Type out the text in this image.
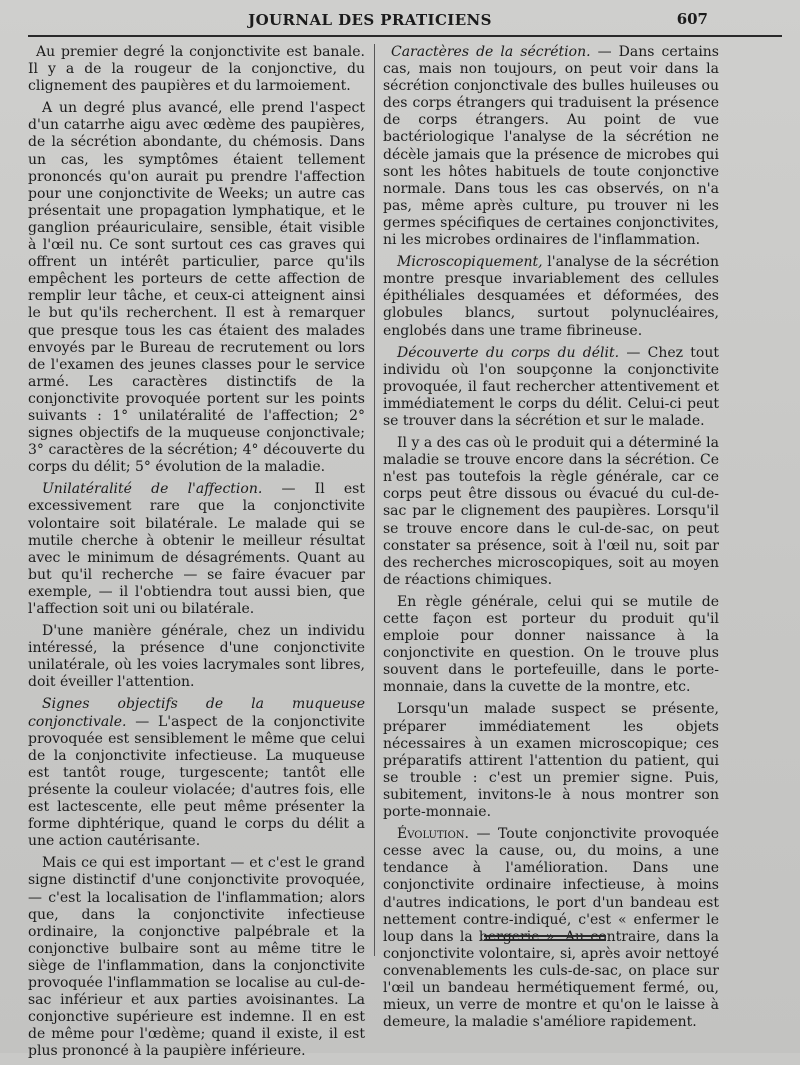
JOURNAL DES PRATICIENS	607

Au premier degré la conjonctivite est banale. Il y a de la rougeur de la conjonctive, du clignement des paupières et du larmoiement.

A un degré plus avancé, elle prend l'aspect d'un catarrhe aigu avec œdème des paupières, de la sécrétion abondante, du chémosis. Dans un cas, les symptômes étaient tellement prononcés qu'on aurait pu prendre l'affection pour une conjonctivite de Weeks; un autre cas présentait une propagation lymphatique, et le ganglion préauriculaire, sensible, était visible à l'œil nu. Ce sont surtout ces cas graves qui offrent un intérêt particulier, parce qu'ils empêchent les porteurs de cette affection de remplir leur tâche, et ceux-ci atteignent ainsi le but qu'ils recherchent. Il est à remarquer que presque tous les cas étaient des malades envoyés par le Bureau de recrutement ou lors de l'examen des jeunes classes pour le service armé. Les caractères distinctifs de la conjonctivite provoquée portent sur les points suivants : 1° unilatéralité de l'affection; 2° signes objectifs de la muqueuse conjonctivale; 3° caractères de la sécrétion; 4° découverte du corps du délit; 5° évolution de la maladie.

Unilatéralité de l'affection. — Il est excessivement rare que la conjonctivite volontaire soit bilatérale. Le malade qui se mutile cherche à obtenir le meilleur résultat avec le minimum de désagréments. Quant au but qu'il recherche — se faire évacuer par exemple, — il l'obtiendra tout aussi bien, que l'affection soit uni ou bilatérale.

D'une manière générale, chez un individu intéressé, la présence d'une conjonctivite unilatérale, où les voies lacrymales sont libres, doit éveiller l'attention.

Signes objectifs de la muqueuse conjonctivale. — L'aspect de la conjonctivite provoquée est sensiblement le même que celui de la conjonctivite infectieuse. La muqueuse est tantôt rouge, turgescente; tantôt elle présente la couleur violacée; d'autres fois, elle est lactescente, elle peut même présenter la forme diphtérique, quand le corps du délit a une action cautérisante.

Mais ce qui est important — et c'est le grand signe distinctif d'une conjonctivite provoquée, — c'est la localisation de l'inflammation; alors que, dans la conjonctivite infectieuse ordinaire, la conjonctive palpébrale et la conjonctive bulbaire sont au même titre le siège de l'inflammation, dans la conjonctivite provoquée l'inflammation se localise au cul-de-sac inférieur et aux parties avoisinantes. La conjonctive supérieure est indemne. Il en est de même pour l'œdème; quand il existe, il est plus prononcé à la paupière inférieure.

Caractères de la sécrétion. — Dans certains cas, mais non toujours, on peut voir dans la sécrétion conjonctivale des bulles huileuses ou des corps étrangers qui traduisent la présence de corps étrangers. Au point de vue bactériologique l'analyse de la sécrétion ne décèle jamais que la présence de microbes qui sont les hôtes habituels de toute conjonctive normale. Dans tous les cas observés, on n'a pas, même après culture, pu trouver ni les germes spécifiques de certaines conjonctivites, ni les microbes ordinaires de l'inflammation.

Microscopiquement, l'analyse de la sécrétion montre presque invariablement des cellules épithéliales desquamées et déformées, des globules blancs, surtout polynucléaires, englobés dans une trame fibrineuse.

Découverte du corps du délit. — Chez tout individu où l'on soupçonne la conjonctivite provoquée, il faut rechercher attentivement et immédiatement le corps du délit. Celui-ci peut se trouver dans la sécrétion et sur le malade.

Il y a des cas où le produit qui a déterminé la maladie se trouve encore dans la sécrétion. Ce n'est pas toutefois la règle générale, car ce corps peut être dissous ou évacué du cul-de-sac par le clignement des paupières. Lorsqu'il se trouve encore dans le cul-de-sac, on peut constater sa présence, soit à l'œil nu, soit par des recherches microscopiques, soit au moyen de réactions chimiques.

En règle générale, celui qui se mutile de cette façon est porteur du produit qu'il emploie pour donner naissance à la conjonctivite en question. On le trouve plus souvent dans le portefeuille, dans le porte-monnaie, dans la cuvette de la montre, etc.

Lorsqu'un malade suspect se présente, préparer immédiatement les objets nécessaires à un examen microscopique; ces préparatifs attirent l'attention du patient, qui se trouble : c'est un premier signe. Puis, subitement, invitons-le à nous montrer son porte-monnaie.

Évolution. — Toute conjonctivite provoquée cesse avec la cause, ou, du moins, a une tendance à l'amélioration. Dans une conjonctivite ordinaire infectieuse, à moins d'autres indications, le port d'un bandeau est nettement contre-indiqué, c'est « enfermer le loup dans la bergerie ». Au contraire, dans la conjonctivite volontaire, si, après avoir nettoyé convenablements les culs-de-sac, on place sur l'œil un bandeau hermétiquement fermé, ou, mieux, un verre de montre et qu'on le laisse à demeure, la maladie s'améliore rapidement.
